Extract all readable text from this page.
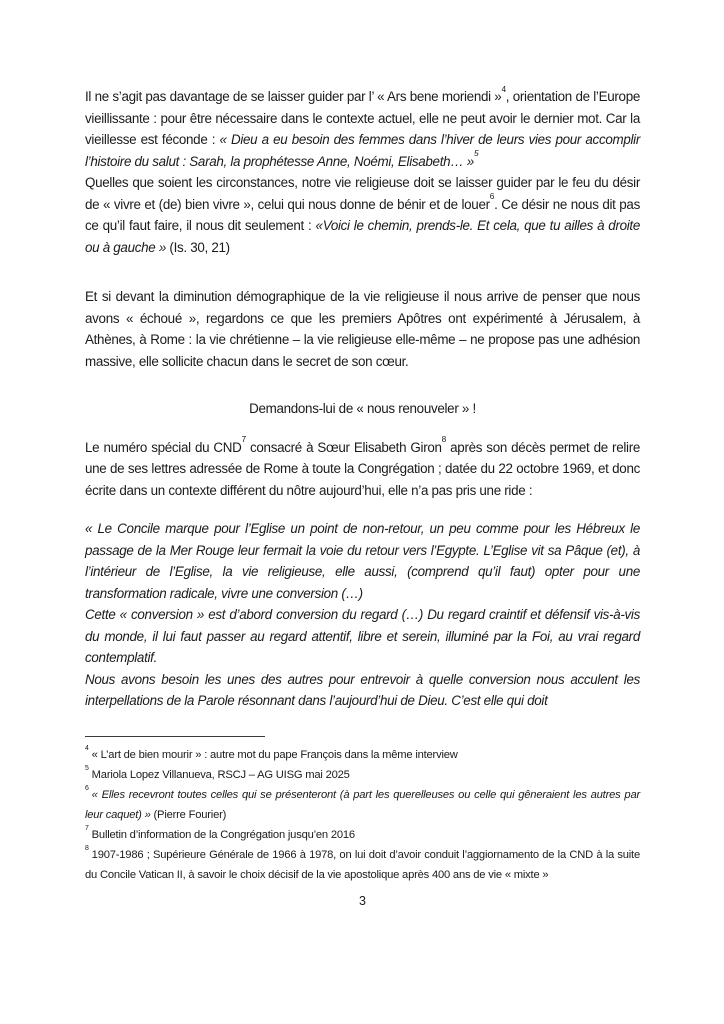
Il ne s’agit pas davantage de se laisser guider par l’ « Ars bene moriendi »$^4$, orientation de l’Europe vieillissante : pour être nécessaire dans le contexte actuel, elle ne peut avoir le dernier mot. Car la vieillesse est féconde : « Dieu a eu besoin des femmes dans l’hiver de leurs vies pour accomplir l’histoire du salut : Sarah, la prophétesse Anne, Noémi, Elisabeth… »$^5$

Quelles que soient les circonstances, notre vie religieuse doit se laisser guider par le feu du désir de « vivre et (de) bien vivre », celui qui nous donne de bénir et de louer$^6$. Ce désir ne nous dit pas ce qu’il faut faire, il nous dit seulement : «Voici le chemin, prends-le. Et cela, que tu ailles à droite ou à gauche » (Is. 30, 21)

Et si devant la diminution démographique de la vie religieuse il nous arrive de penser que nous avons « échoué », regardons ce que les premiers Apôtres ont expérimenté à Jérusalem, à Athènes, à Rome : la vie chrétienne – la vie religieuse elle-même – ne propose pas une adhésion massive, elle sollicite chacun dans le secret de son cœur.

Demandons-lui de « nous renouveler » !

Le numéro spécial du CND$^7$ consacré à Sœur Elisabeth Giron$^8$ après son décès permet de relire une de ses lettres adressée de Rome à toute la Congrégation ; datée du 22 octobre 1969, et donc écrite dans un contexte différent du nôtre aujourd’hui, elle n’a pas pris une ride :

« Le Concile marque pour l’Eglise un point de non-retour, un peu comme pour les Hébreux le passage de la Mer Rouge leur fermait la voie du retour vers l’Egypte. L’Eglise vit sa Pâque (et), à l’intérieur de l’Eglise, la vie religieuse, elle aussi, (comprend qu’il faut) opter pour une transformation radicale, vivre une conversion (…)

Cette « conversion » est d’abord conversion du regard (…) Du regard craintif et défensif vis-à-vis du monde, il lui faut passer au regard attentif, libre et serein, illuminé par la Foi, au vrai regard contemplatif.

Nous avons besoin les unes des autres pour entrevoir à quelle conversion nous acculent les interpellations de la Parole résonnant dans l’aujourd’hui de Dieu. C’est elle qui doit

$^4$« L’art de bien mourir » : autre mot du pape François dans la même interview

$^5$Mariola Lopez Villanueva, RSCJ – AG UISG mai 2025

$^6$« Elles recevront toutes celles qui se présenteront (à part les querelleuses ou celle qui gêneraient les autres par leur caquet) » (Pierre Fourier)

$^7$Bulletin d’information de la Congrégation jusqu’en 2016

$^8$1907-1986 ; Supérieure Générale de 1966 à 1978, on lui doit d’avoir conduit l’aggiornamento de la CND à la suite du Concile Vatican II, à savoir le choix décisif de la vie apostolique après 400 ans de vie « mixte »

3
